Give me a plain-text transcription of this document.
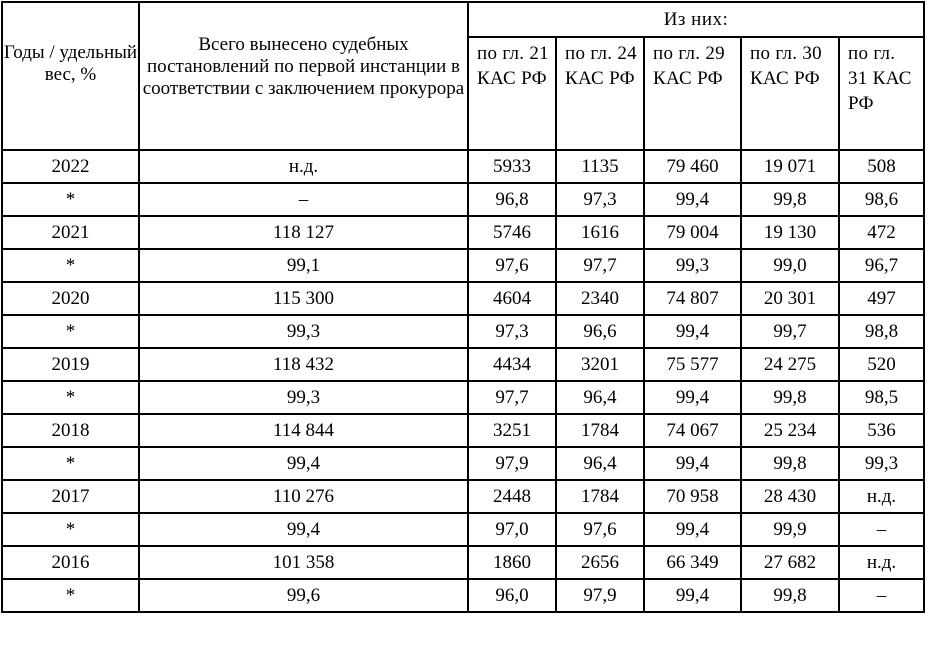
Годы / удельный вес, %	Всего вынесено судебных постановлений по первой инстанции в соответствии с заключением прокурора	Из них:				
		по гл. 21 КАС РФ	по гл. 24 КАС РФ	по гл. 29 КАС РФ	по гл. 30 КАС РФ	по гл. 31 КАС РФ
2022	н.д.	5933	1135	79 460	19 071	508
*	–	96,8	97,3	99,4	99,8	98,6
2021	118 127	5746	1616	79 004	19 130	472
*	99,1	97,6	97,7	99,3	99,0	96,7
2020	115 300	4604	2340	74 807	20 301	497
*	99,3	97,3	96,6	99,4	99,7	98,8
2019	118 432	4434	3201	75 577	24 275	520
*	99,3	97,7	96,4	99,4	99,8	98,5
2018	114 844	3251	1784	74 067	25 234	536
*	99,4	97,9	96,4	99,4	99,8	99,3
2017	110 276	2448	1784	70 958	28 430	н.д.
*	99,4	97,0	97,6	99,4	99,9	–
2016	101 358	1860	2656	66 349	27 682	н.д.
*	99,6	96,0	97,9	99,4	99,8	–
